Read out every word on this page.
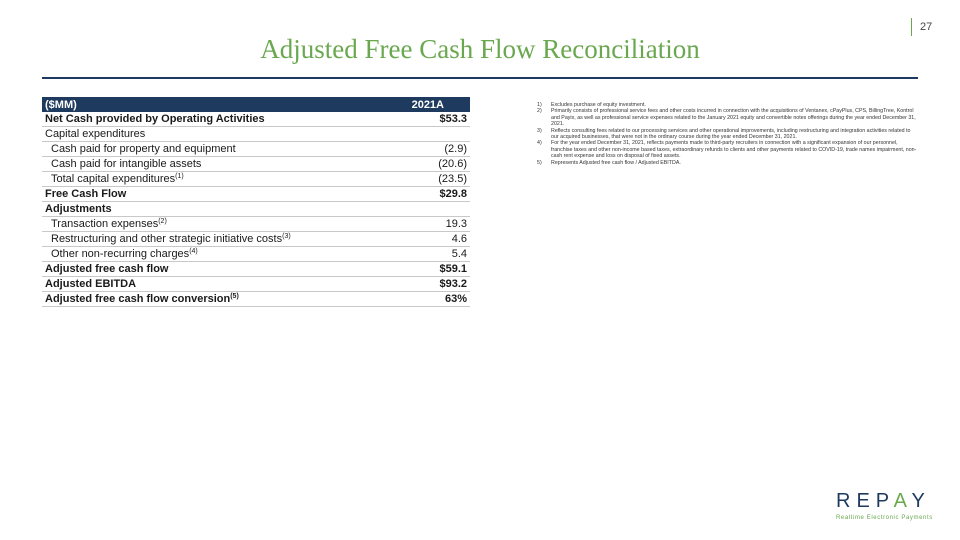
27
Adjusted Free Cash Flow Reconciliation
($MM)	2021A
Net Cash provided by Operating Activities	$53.3
Capital expenditures	
Cash paid for property and equipment	(2.9)
Cash paid for intangible assets	(20.6)
Total capital expenditures$^{(1)}$	(23.5)
Free Cash Flow	$29.8
Adjustments	
Transaction expenses$^{(2)}$	19.3
Restructuring and other strategic initiative costs$^{(3)}$	4.6
Other non-recurring charges$^{(4)}$	5.4
Adjusted free cash flow	$59.1
Adjusted EBITDA	$93.2
Adjusted free cash flow conversion$^{(5)}$	63%
1)	Excludes purchase of equity investment.
2)	Primarily consists of professional service fees and other costs incurred in connection with the acquisitions of Ventanex, cPayPlus, CPS, BillingTree, Kontrol and Payix, as well as professional service expenses related to the January 2021 equity and convertible notes offerings during the year ended December 31, 2021.
3)	Reflects consulting fees related to our processing services and other operational improvements, including restructuring and integration activities related to our acquired businesses, that were not in the ordinary course during the year ended December 31, 2021.
4)	For the year ended December 31, 2021, reflects payments made to third-party recruiters in connection with a significant expansion of our personnel, franchise taxes and other non-income based taxes, extraordinary refunds to clients and other payments related to COVID-19, trade names impairment, non-cash rent expense and loss on disposal of fixed assets.
5)	Represents Adjusted free cash flow / Adjusted EBITDA.
REPAY
Realtime Electronic Payments
